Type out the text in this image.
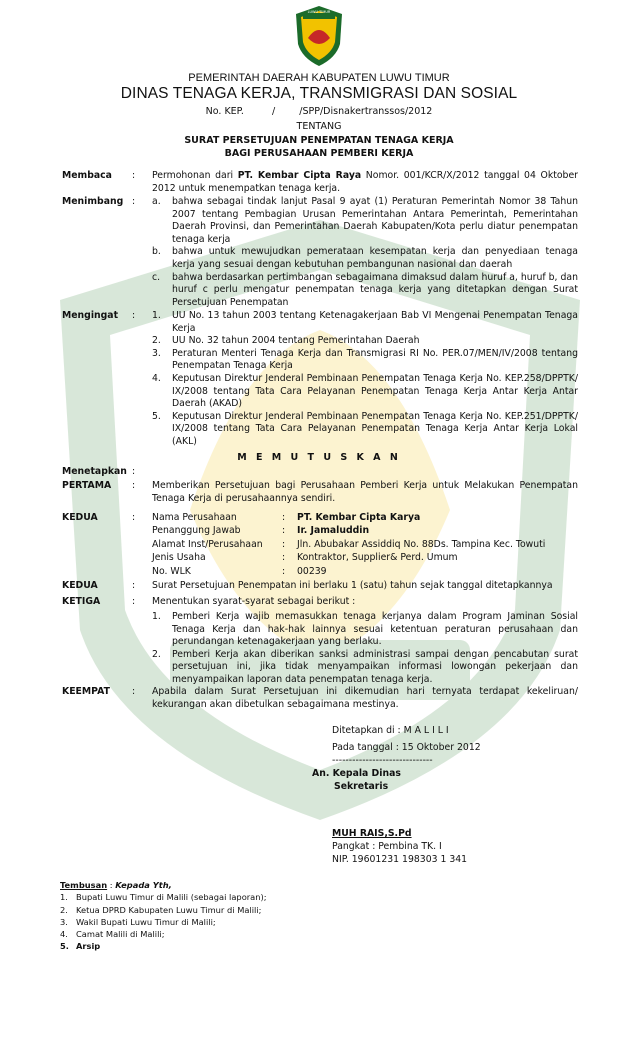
LUWU TIMUR
PEMERINTAH DAERAH KABUPATEN LUWU TIMUR
DINAS TENAGA KERJA, TRANSMIGRASI DAN SOSIAL
No. KEP.	/	/SPP/Disnakertranssos/2012
TENTANG
SURAT PERSETUJUAN PENEMPATAN TENAGA KERJA
BAGI PERUSAHAAN PEMBERI KERJA
Membaca : Permohonan dari PT. Kembar Cipta Raya Nomor. 001/KCR/X/2012 tanggal 04 Oktober 2012 untuk menempatkan tenaga kerja.
Menimbang : a. bahwa sebagai tindak lanjut Pasal 9 ayat (1) Peraturan Pemerintah Nomor 38 Tahun 2007 tentang Pembagian Urusan Pemerintahan Antara Pemerintah, Pemerintahan Daerah Provinsi, dan Pemerintahan Daerah Kabupaten/Kota perlu diatur penempatan tenaga kerja
b. bahwa untuk mewujudkan pemerataan kesempatan kerja dan penyediaan tenaga kerja yang sesuai dengan kebutuhan pembangunan nasional dan daerah
c. bahwa berdasarkan pertimbangan sebagaimana dimaksud dalam huruf a, huruf b, dan huruf c perlu mengatur penempatan tenaga kerja yang ditetapkan dengan Surat Persetujuan Penempatan
Mengingat : 1. UU No. 13 tahun 2003 tentang Ketenagakerjaan Bab VI Mengenai Penempatan Tenaga Kerja
2. UU No. 32 tahun 2004 tentang Pemerintahan Daerah
3. Peraturan Menteri Tenaga Kerja dan Transmigrasi RI No. PER.07/MEN/IV/2008 tentang Penempatan Tenaga Kerja
4. Keputusan Direktur Jenderal Pembinaan Penempatan Tenaga Kerja No. KEP.258/DPPTK/ IX/2008 tentang Tata Cara Pelayanan Penempatan Tenaga Kerja Antar Kerja Antar Daerah (AKAD)
5. Keputusan Direktur Jenderal Pembinaan Penempatan Tenaga Kerja No. KEP.251/DPPTK/ IX/2008 tentang Tata Cara Pelayanan Penempatan Tenaga Kerja Antar Kerja Lokal (AKL)
M E M U T U S K A N
Menetapkan :
PERTAMA : Memberikan Persetujuan bagi Perusahaan Pemberi Kerja untuk Melakukan Penempatan Tenaga Kerja di perusahaannya sendiri.
KEDUA	: Nama Perusahaan	: PT. Kembar Cipta Karya
Penanggung Jawab	: Ir. Jamaluddin
Alamat Inst/Perusahaan : Jln. Abubakar Assiddiq No. 88Ds. Tampina Kec. Towuti
Jenis Usaha	: Kontraktor, Supplier& Perd. Umum
No. WLK	: 00239
KEDUA	: Surat Persetujuan Penempatan ini berlaku 1 (satu) tahun sejak tanggal ditetapkannya
KETIGA	: Menentukan syarat-syarat sebagai berikut :
1. Pemberi Kerja wajib memasukkan tenaga kerjanya dalam Program Jaminan Sosial Tenaga Kerja dan hak-hak lainnya sesuai ketentuan peraturan perusahaan dan perundangan ketenagakerjaan yang berlaku.
2. Pemberi Kerja akan diberikan sanksi administrasi sampai dengan pencabutan surat persetujuan ini, jika tidak menyampaikan informasi lowongan pekerjaan dan menyampaikan laporan data penempatan tenaga kerja.
KEEMPAT : Apabila dalam Surat Persetujuan ini dikemudian hari ternyata terdapat kekeliruan/ kekurangan akan dibetulkan sebagaimana mestinya.
Ditetapkan di : M A L I L I
Pada tanggal : 15 Oktober 2012
------------------------------
An. Kepala Dinas
Sekretaris
MUH RAIS,S.Pd
Pangkat : Pembina TK. I
NIP. 19601231 198303 1 341
Tembusan : Kepada Yth,
1. Bupati Luwu Timur di Malili (sebagai laporan);
2. Ketua DPRD Kabupaten Luwu Timur di Malili;
3. Wakil Bupati Luwu Timur di Malili;
4. Camat Malili di Malili;
5. Arsip
